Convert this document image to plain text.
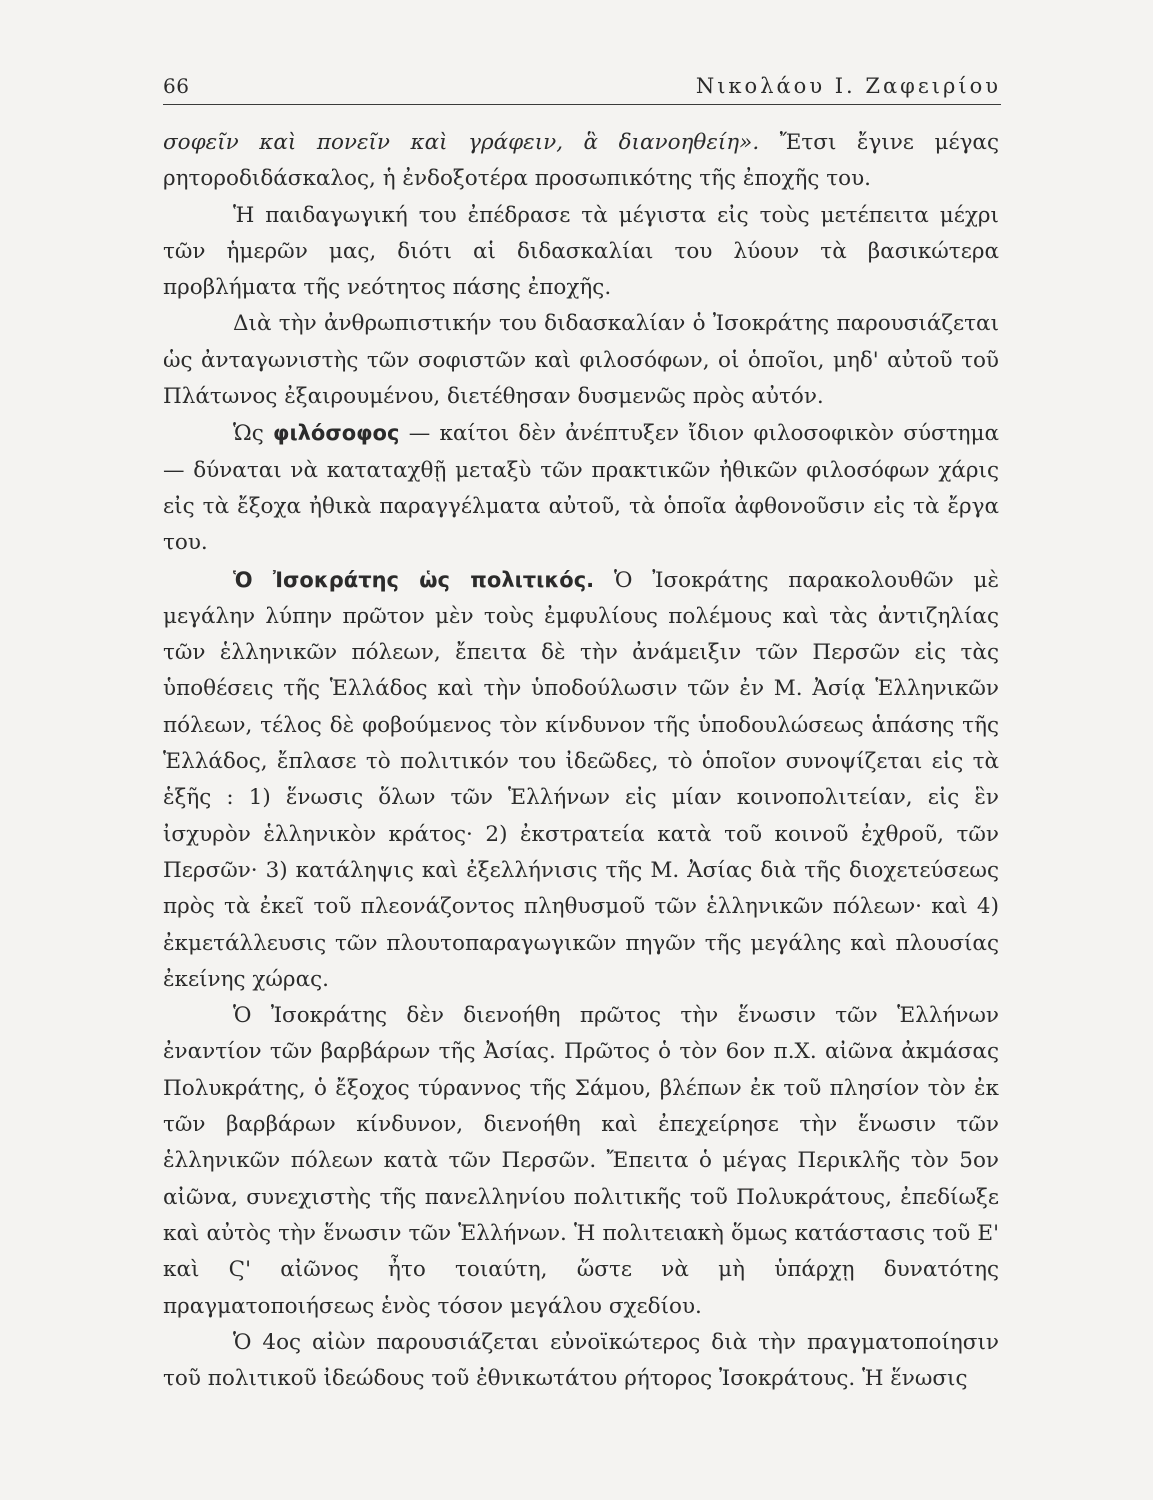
66	Νικολάου Ι. Ζαφειρίου

σοφεῖν καὶ πονεῖν καὶ γράφειν, ἃ διανοηθείη». Ἔτσι ἔγινε μέγας ρητοροδιδάσκαλος, ἡ ἐνδοξοτέρα προσωπικότης τῆς ἐποχῆς του.

Ἡ παιδαγωγική του ἐπέδρασε τὰ μέγιστα εἰς τοὺς μετέπειτα μέχρι τῶν ἡμερῶν μας, διότι αἱ διδασκαλίαι του λύουν τὰ βασικώτερα προβλήματα τῆς νεότητος πάσης ἐποχῆς.

Διὰ τὴν ἀνθρωπιστικήν του διδασκαλίαν ὁ Ἰσοκράτης παρουσιάζεται ὡς ἀνταγωνιστὴς τῶν σοφιστῶν καὶ φιλοσόφων, οἱ ὁποῖοι, μηδ' αὐτοῦ τοῦ Πλάτωνος ἐξαιρουμένου, διετέθησαν δυσμενῶς πρὸς αὐτόν.

Ὡς φιλόσοφος — καίτοι δὲν ἀνέπτυξεν ἴδιον φιλοσοφικὸν σύστημα — δύναται νὰ καταταχθῇ μεταξὺ τῶν πρακτικῶν ἠθικῶν φιλοσόφων χάρις εἰς τὰ ἔξοχα ἠθικὰ παραγγέλματα αὐτοῦ, τὰ ὁποῖα ἀφθονοῦσιν εἰς τὰ ἔργα του.

Ὁ Ἰσοκράτης ὡς πολιτικός. Ὁ Ἰσοκράτης παρακολουθῶν μὲ μεγάλην λύπην πρῶτον μὲν τοὺς ἐμφυλίους πολέμους καὶ τὰς ἀντιζηλίας τῶν ἑλληνικῶν πόλεων, ἔπειτα δὲ τὴν ἀνάμειξιν τῶν Περσῶν εἰς τὰς ὑποθέσεις τῆς Ἑλλάδος καὶ τὴν ὑποδούλωσιν τῶν ἐν Μ. Ἀσίᾳ Ἑλληνικῶν πόλεων, τέλος δὲ φοβούμενος τὸν κίνδυνον τῆς ὑποδουλώσεως ἁπάσης τῆς Ἑλλάδος, ἔπλασε τὸ πολιτικόν του ἰδεῶδες, τὸ ὁποῖον συνοψίζεται εἰς τὰ ἑξῆς : 1) ἕνωσις ὅλων τῶν Ἑλλήνων εἰς μίαν κοινοπολιτείαν, εἰς ἓν ἰσχυρὸν ἑλληνικὸν κράτος· 2) ἐκστρατεία κατὰ τοῦ κοινοῦ ἐχθροῦ, τῶν Περσῶν· 3) κατάληψις καὶ ἐξελλήνισις τῆς Μ. Ἀσίας διὰ τῆς διοχετεύσεως πρὸς τὰ ἐκεῖ τοῦ πλεονάζοντος πληθυσμοῦ τῶν ἑλληνικῶν πόλεων· καὶ 4) ἐκμετάλλευσις τῶν πλουτοπαραγωγικῶν πηγῶν τῆς μεγάλης καὶ πλουσίας ἐκείνης χώρας.

Ὁ Ἰσοκράτης δὲν διενοήθη πρῶτος τὴν ἕνωσιν τῶν Ἑλλήνων ἐναντίον τῶν βαρβάρων τῆς Ἀσίας. Πρῶτος ὁ τὸν 6ον π.Χ. αἰῶνα ἀκμάσας Πολυκράτης, ὁ ἔξοχος τύραννος τῆς Σάμου, βλέπων ἐκ τοῦ πλησίον τὸν ἐκ τῶν βαρβάρων κίνδυνον, διενοήθη καὶ ἐπεχείρησε τὴν ἕνωσιν τῶν ἑλληνικῶν πόλεων κατὰ τῶν Περσῶν. Ἔπειτα ὁ μέγας Περικλῆς τὸν 5ον αἰῶνα, συνεχιστὴς τῆς πανελληνίου πολιτικῆς τοῦ Πολυκράτους, ἐπεδίωξε καὶ αὐτὸς τὴν ἕνωσιν τῶν Ἑλλήνων. Ἡ πολιτειακὴ ὅμως κατάστασις τοῦ Ε' καὶ Ϛ' αἰῶνος ἦτο τοιαύτη, ὥστε νὰ μὴ ὑπάρχῃ δυνατότης πραγματοποιήσεως ἑνὸς τόσον μεγάλου σχεδίου.

Ὁ 4ος αἰὼν παρουσιάζεται εὐνοϊκώτερος διὰ τὴν πραγματοποίησιν τοῦ πολιτικοῦ ἰδεώδους τοῦ ἐθνικωτάτου ρήτορος Ἰσοκράτους. Ἡ ἕνωσις
